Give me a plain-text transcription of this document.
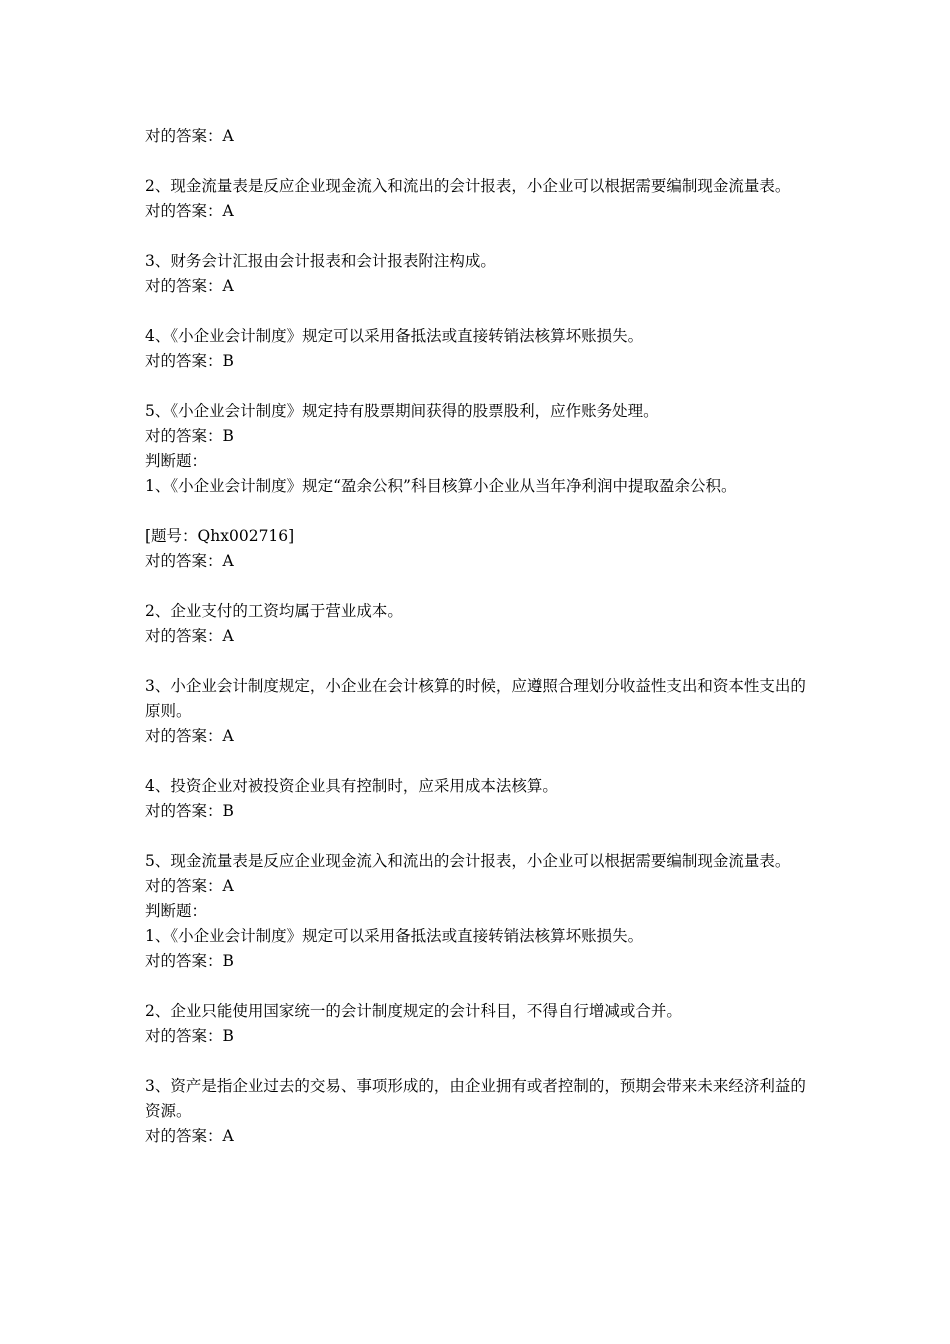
对的答案：A
2、现金流量表是反应企业现金流入和流出的会计报表，小企业可以根据需要编制现金流量表。
对的答案：A
3、财务会计汇报由会计报表和会计报表附注构成。
对的答案：A
4、《小企业会计制度》规定可以采用备抵法或直接转销法核算坏账损失。
对的答案：B
5、《小企业会计制度》规定持有股票期间获得的股票股利，应作账务处理。
对的答案：B
判断题：
1、《小企业会计制度》规定“盈余公积”科目核算小企业从当年净利润中提取盈余公积。
[题号：Qhx002716]
对的答案：A
2、企业支付的工资均属于营业成本。
对的答案：A
3、小企业会计制度规定，小企业在会计核算的时候，应遵照合理划分收益性支出和资本性支出的原则。
对的答案：A
4、投资企业对被投资企业具有控制时，应采用成本法核算。
对的答案：B
5、现金流量表是反应企业现金流入和流出的会计报表，小企业可以根据需要编制现金流量表。
对的答案：A
判断题：
1、《小企业会计制度》规定可以采用备抵法或直接转销法核算坏账损失。
对的答案：B
2、企业只能使用国家统一的会计制度规定的会计科目，不得自行增减或合并。
对的答案：B
3、资产是指企业过去的交易、事项形成的，由企业拥有或者控制的，预期会带来未来经济利益的资源。
对的答案：A
